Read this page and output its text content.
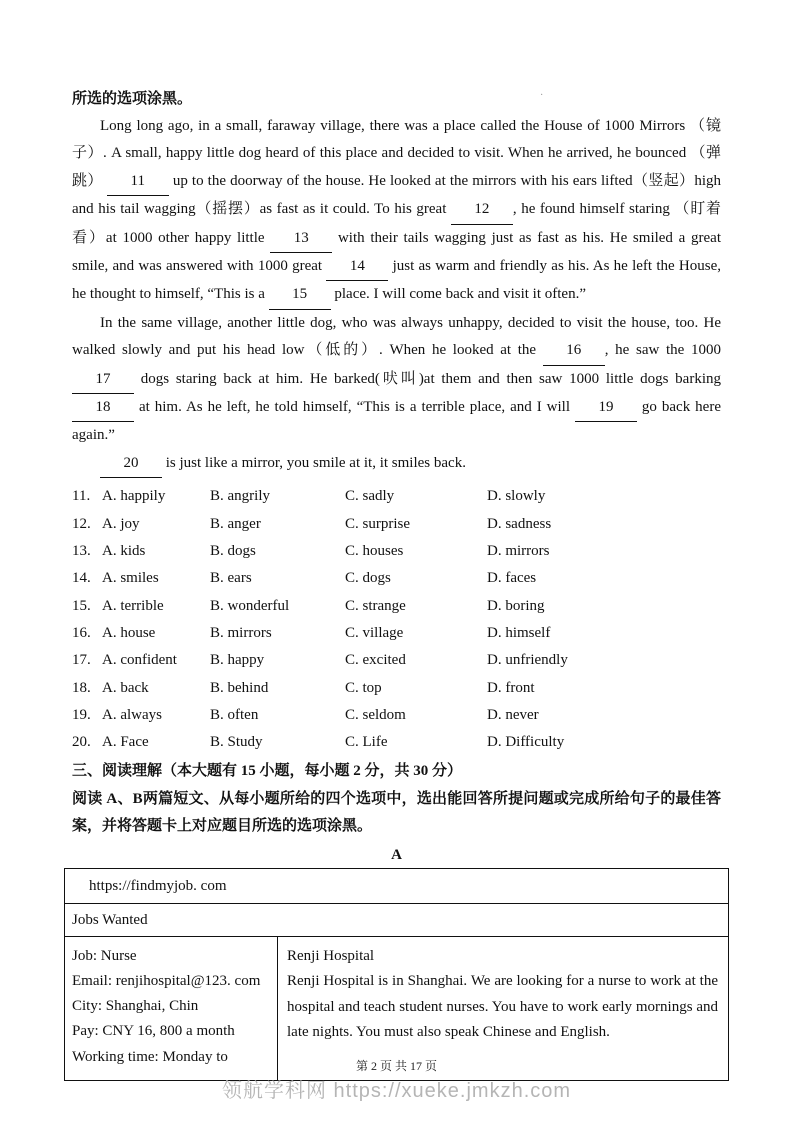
所选的选项涂黑。	·

Long long ago, in a small, faraway village, there was a place called the House of 1000 Mirrors （镜子）. A small, happy little dog heard of this place and decided to visit. When he arrived, he bounced （弹跳） 11 up to the doorway of the house. He looked at the mirrors with his ears lifted（竖起）high and his tail wagging（摇摆）as fast as it could. To his great 12 , he found himself staring （盯着看）at 1000 other happy little 13 with their tails wagging just as fast as his. He smiled a great smile, and was answered with 1000 great 14 just as warm and friendly as his. As he left the House, he thought to himself, “This is a 15 place. I will come back and visit it often.”

In the same village, another little dog, who was always unhappy, decided to visit the house, too. He walked slowly and put his head low（低的）. When he looked at the 16 , he saw the 1000 17 dogs staring back at him. He barked(吠叫)at them and then saw 1000 little dogs barking 18 at him. As he left, he told himself, “This is a terrible place, and I will 19 go back here again.”

20 is just like a mirror, you smile at it, it smiles back.

11. A. happily	B. angrily	C. sadly	D. slowly
12. A. joy	B. anger	C. surprise	D. sadness
13. A. kids	B. dogs	C. houses	D. mirrors
14. A. smiles	B. ears	C. dogs	D. faces
15. A. terrible	B. wonderful	C. strange	D. boring
16. A. house	B. mirrors	C. village	D. himself
17. A. confident	B. happy	C. excited	D. unfriendly
18. A. back	B. behind	C. top	D. front
19. A. always	B. often	C. seldom	D. never
20. A. Face	B. Study	C. Life	D. Difficulty
三、阅读理解（本大题有 15 小题，每小题 2 分，共 30 分）

阅读 A、B两篇短文、从每小题所给的四个选项中，选出能回答所提问题或完成所给句子的最佳答案，并将答题卡上对应题目所选的选项涂黑。

A
https://findmyjob. com
Jobs Wanted
Job: Nurse
Email: renjihospital@123. com
City: Shanghai, Chin
Pay: CNY 16, 800 a month
Working time: Monday to
Renji Hospital
Renji Hospital is in Shanghai. We are looking for a nurse to work at the hospital and teach student nurses. You have to work early mornings and late nights. You must also speak Chinese and English.
第 2 页 共 17 页
领航学科网 https://xueke.jmkzh.com
